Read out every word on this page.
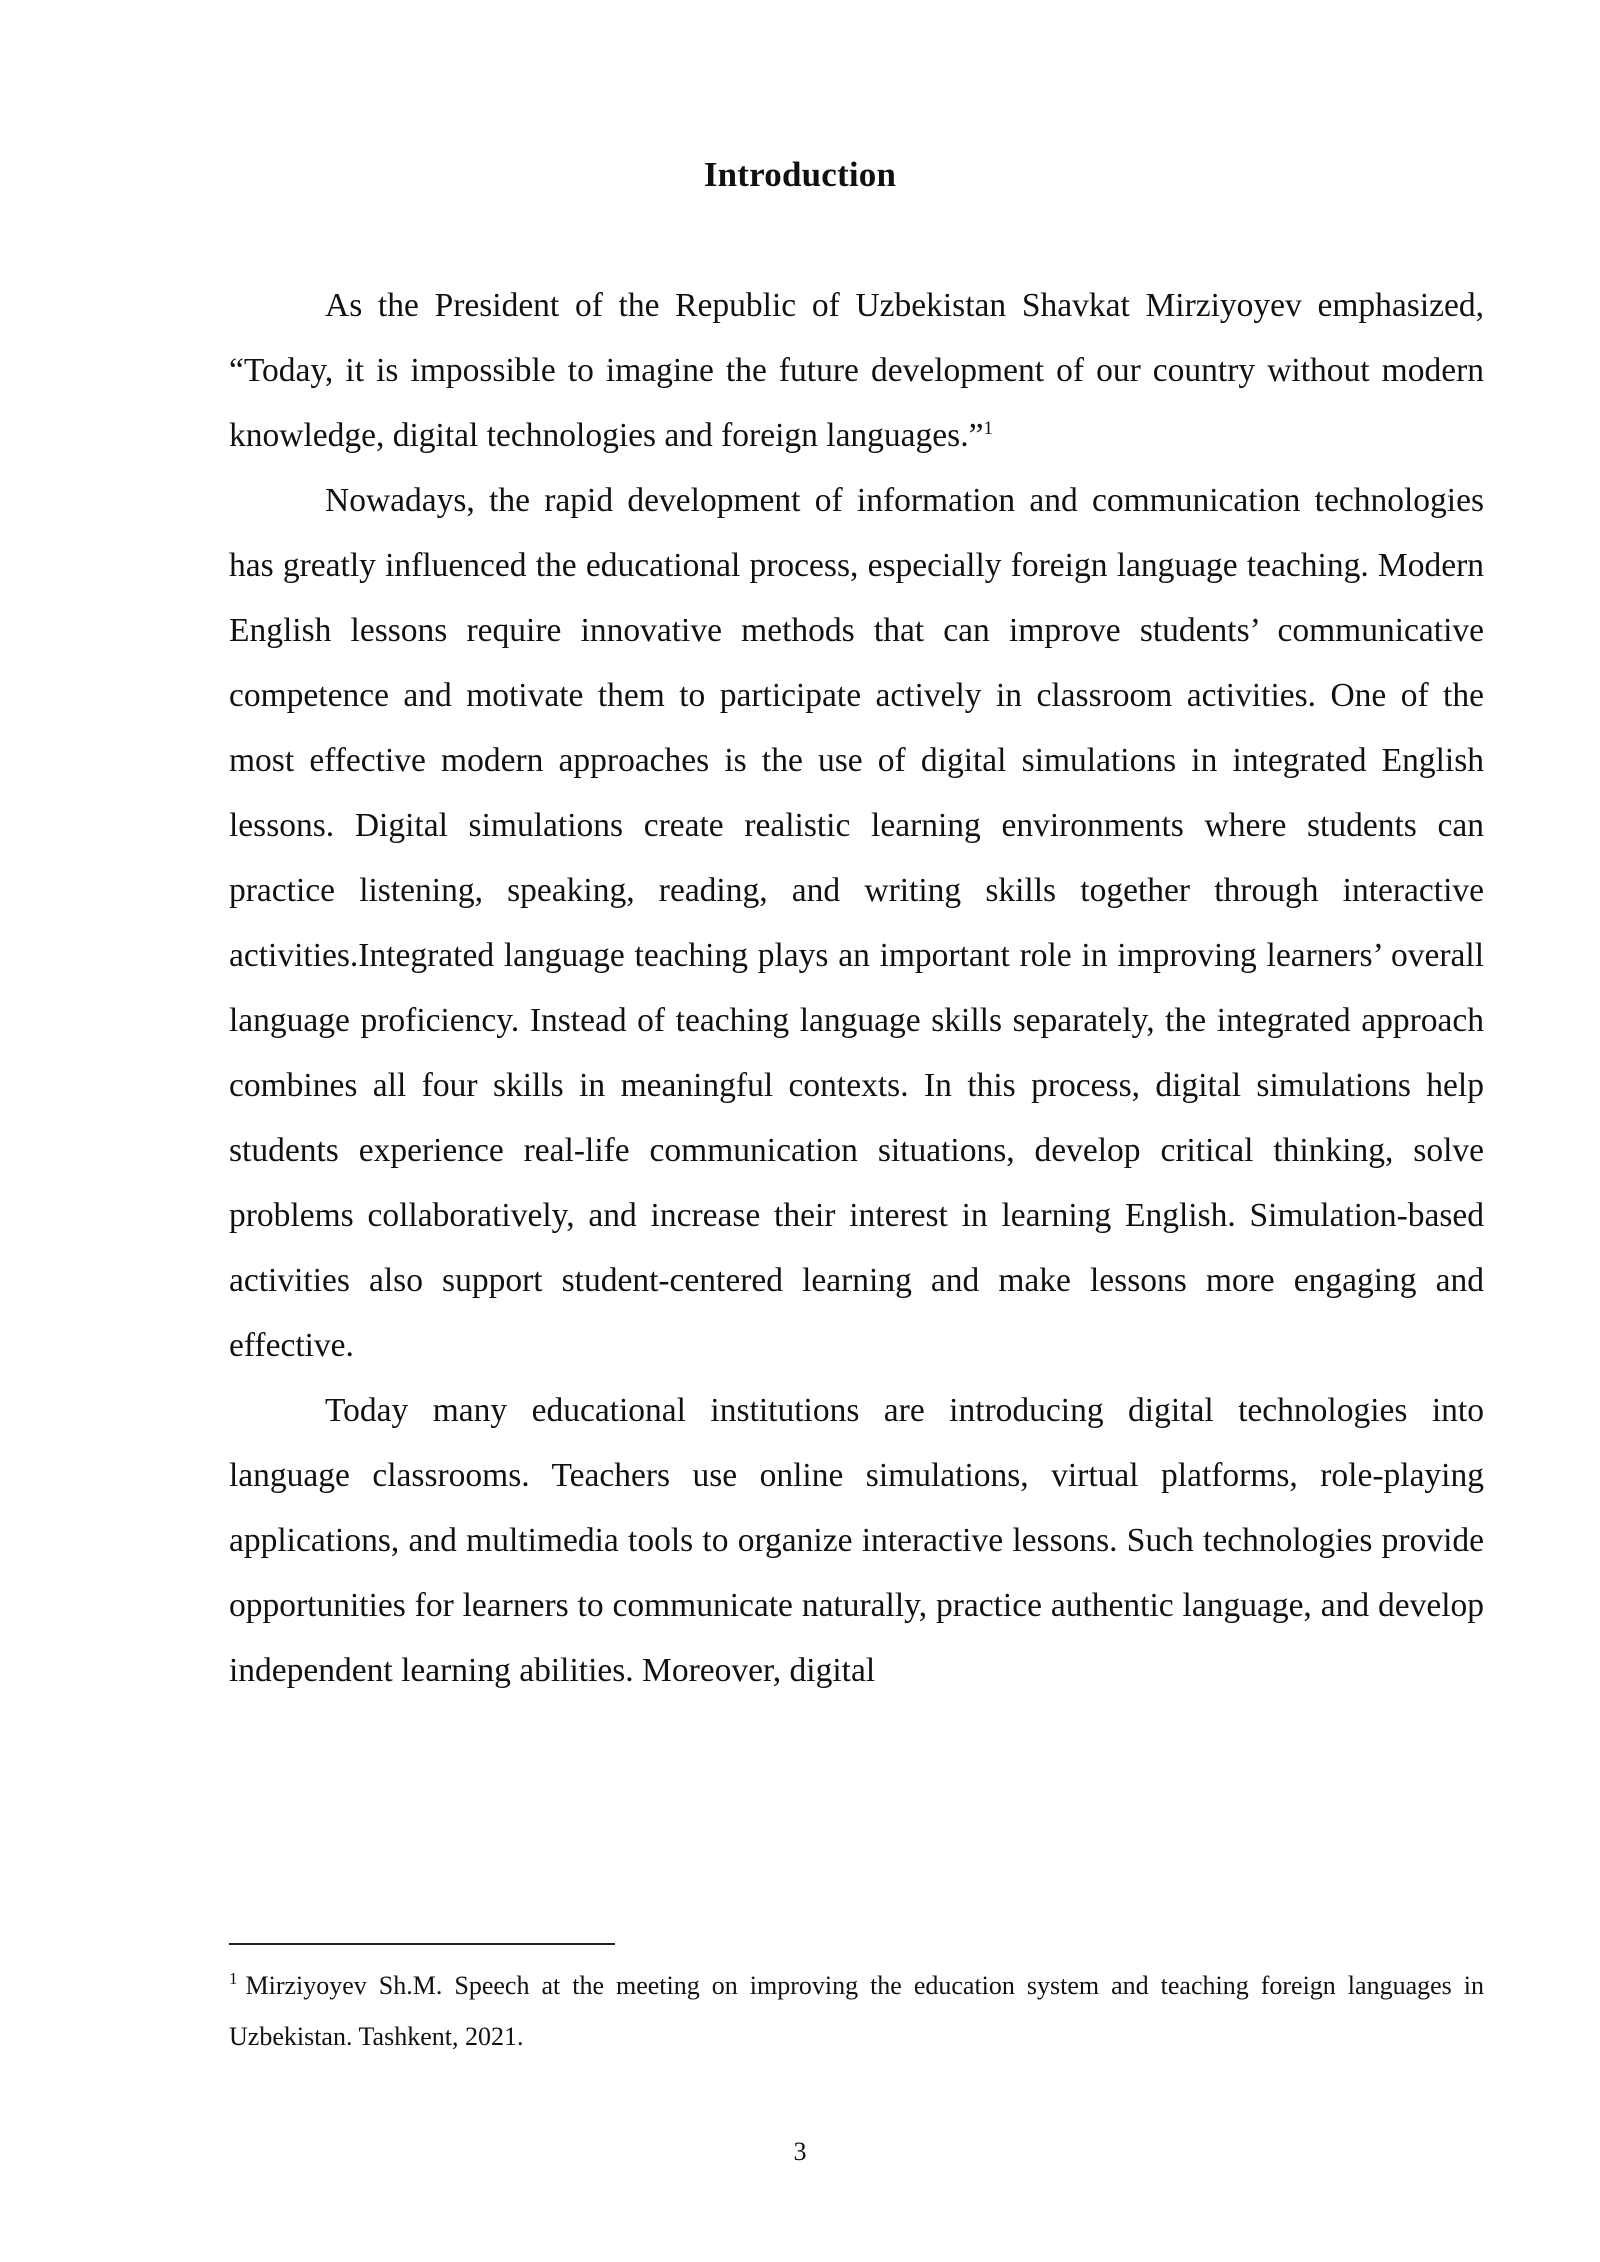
Introduction

As the President of the Republic of Uzbekistan Shavkat Mirziyoyev emphasized, “Today, it is impossible to imagine the future development of our country without modern knowledge, digital technologies and foreign languages.”$^1$

Nowadays, the rapid development of information and communication technologies has greatly influenced the educational process, especially foreign language teaching. Modern English lessons require innovative methods that can improve students’ communicative competence and motivate them to participate actively in classroom activities. One of the most effective modern approaches is the use of digital simulations in integrated English lessons. Digital simulations create realistic learning environments where students can practice listening, speaking, reading, and writing skills together through interactive activities.Integrated language teaching plays an important role in improving learners’ overall language proficiency. Instead of teaching language skills separately, the integrated approach combines all four skills in meaningful contexts. In this process, digital simulations help students experience real-life communication situations, develop critical thinking, solve problems collaboratively, and increase their interest in learning English. Simulation-based activities also support student-centered learning and make lessons more engaging and effective.

Today many educational institutions are introducing digital technologies into language classrooms. Teachers use online simulations, virtual platforms, role-playing applications, and multimedia tools to organize interactive lessons. Such technologies provide opportunities for learners to communicate naturally, practice authentic language, and develop independent learning abilities. Moreover, digital

$^1$ Mirziyoyev Sh.M. Speech at the meeting on improving the education system and teaching foreign languages in Uzbekistan. Tashkent, 2021.

3
